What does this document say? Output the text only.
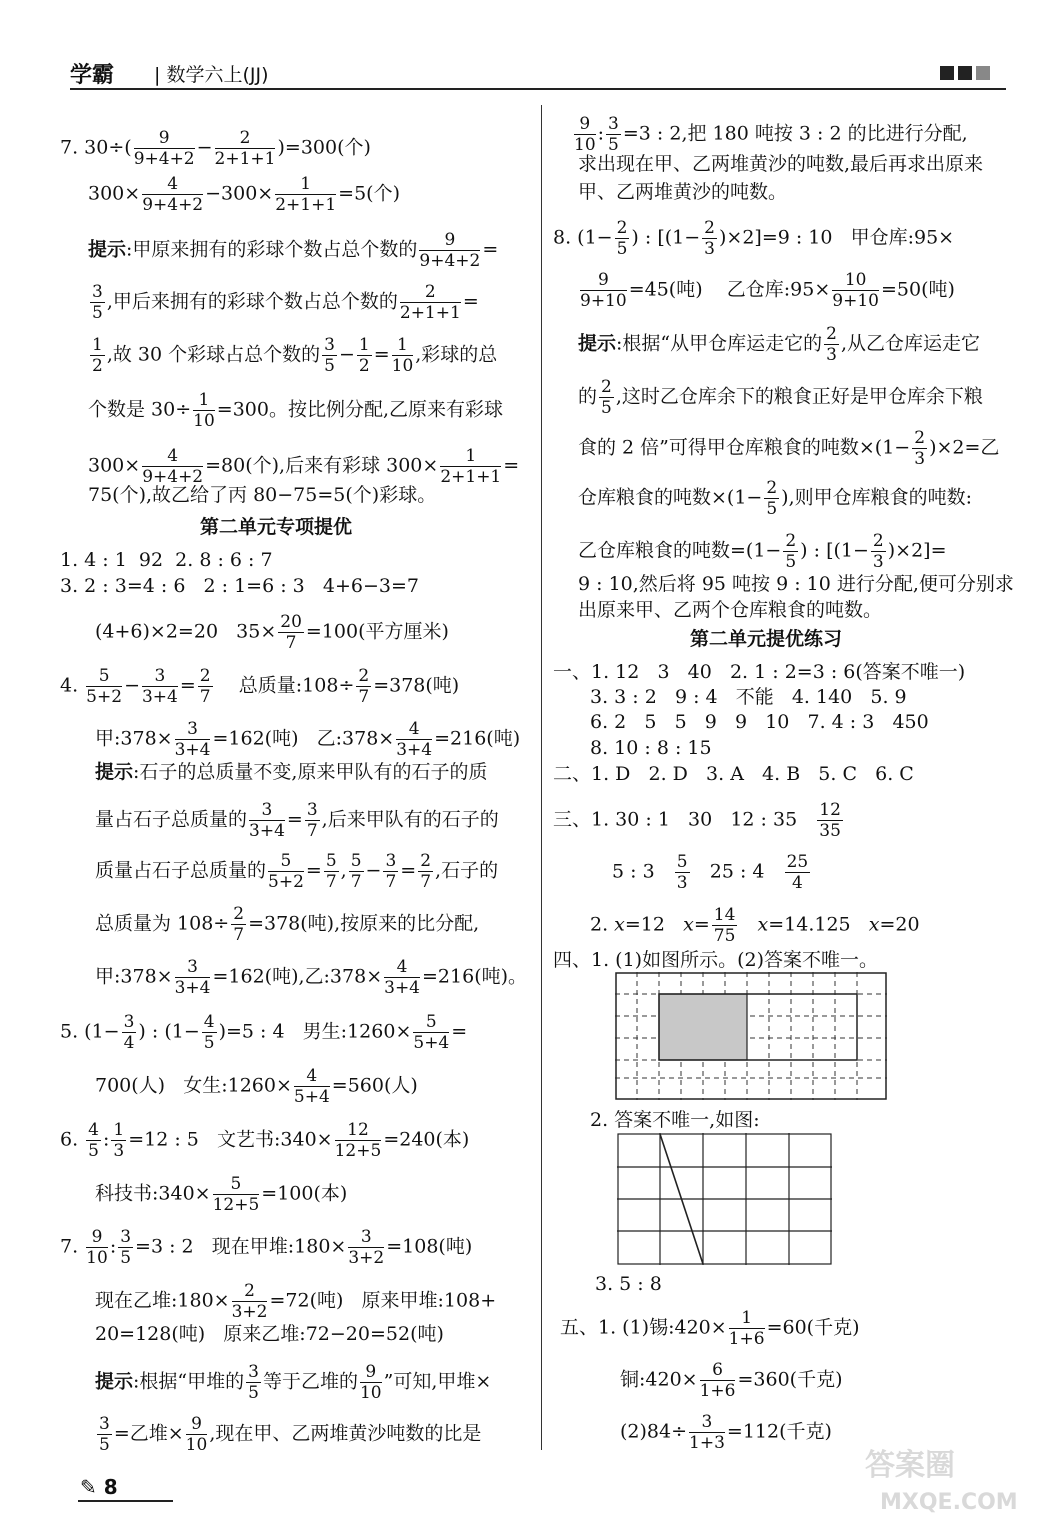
学霸 | 数学六上(JJ)
7. $30\div( \frac{9}{9+4+2} - \frac{2}{2+1+1} )=300$(个)
$300\times \frac{4}{9+4+2} -300\times \frac{1}{2+1+1} =5$(个)
提示:甲原来拥有的彩球个数占总个数的 $\frac{9}{9+4+2}$ =
$\frac{3}{5}$ ,甲后来拥有的彩球个数占总个数的 $\frac{2}{2+1+1}$ =
$\frac{1}{2}$ ,故 30 个彩球占总个数的 $\frac{3}{5} - \frac{1}{2} = \frac{1}{10}$ ,彩球的总
个数是 $30\div \frac{1}{10} =300$。按比例分配,乙原来有彩球
$300\times \frac{4}{9+4+2} =80$(个),后来有彩球 $300\times \frac{1}{2+1+1}$ =
75(个),故乙给了丙 80−75=5(个)彩球。
第二单元专项提优
1. 4 : 1  92  2. 8 : 6 : 7
3. 2 : 3=4 : 6   2 : 1=6 : 3   4+6−3=7
(4+6)×2=20   $35\times \frac{20}{7} =100$(平方厘米)
4. $\frac{5}{5+2} - \frac{3}{3+4} = \frac{2}{7}$ 总质量:108÷ $\frac{2}{7} =378$(吨)
甲:378× $\frac{3}{3+4} =162$(吨)   乙:378× $\frac{4}{3+4} =216$(吨)
提示:石子的总质量不变,原来甲队有的石子的质
量占石子总质量的 $\frac{3}{3+4} = \frac{3}{7}$ ,后来甲队有的石子的
质量占石子总质量的 $\frac{5}{5+2} = \frac{5}{7}$ , $\frac{5}{7} - \frac{3}{7} = \frac{2}{7}$ ,石子的
总质量为 $108\div \frac{2}{7} =378$(吨),按原来的比分配,
甲:378× $\frac{3}{3+4} =162$(吨),乙:378× $\frac{4}{3+4} =216$(吨)。
5. ($1- \frac{3}{4}$ ) : $(1- \frac{4}{5} )=5$ : 4   男生:1260× $\frac{5}{5+4}$ =
700(人)   女生:1260× $\frac{4}{5+4} =560$(人)
6. $\frac{4}{5}$ : $\frac{1}{3} =12$ : 5   文艺书:340× $\frac{12}{12+5} =240$(本)
科技书:340× $\frac{5}{12+5} =100$(本)
7. $\frac{9}{10}$ : $\frac{3}{5} =3$ : 2   现在甲堆:180× $\frac{3}{3+2} =108$(吨)
现在乙堆:180× $\frac{2}{3+2} =72$(吨)   原来甲堆:108+
20=128(吨)   原来乙堆:72−20=52(吨)
提示:根据“甲堆的 $\frac{3}{5}$ 等于乙堆的 $\frac{9}{10}$ ”可知,甲堆×
$\frac{3}{5}$ =乙堆× $\frac{9}{10}$ ,现在甲、乙两堆黄沙吨数的比是
$\frac{9}{10}$ : $\frac{3}{5} =3$ : 2,把 180 吨按 3 : 2 的比进行分配,
求出现在甲、乙两堆黄沙的吨数,最后再求出原来
甲、乙两堆黄沙的吨数。
8. ($1- \frac{2}{5}$ ) : $[(1- \frac{2}{3} )\times 2]=9$ : 10   甲仓库:95×
$\frac{9}{9+10} =45$(吨)    乙仓库:95× $\frac{10}{9+10} =50$(吨)
提示:根据“从甲仓库运走它的 $\frac{2}{3}$ ,从乙仓库运走它
的 $\frac{2}{5}$ ,这时乙仓库余下的粮食正好是甲仓库余下粮
食的 2 倍”可得甲仓库粮食的吨数$\times(1- \frac{2}{3} )\times 2=$乙
仓库粮食的吨数$\times(1- \frac{2}{5}$ ),则甲仓库粮食的吨数:
乙仓库粮食的吨数$=(1- \frac{2}{5}$ ) : $[(1- \frac{2}{3} )\times 2]=$
9 : 10,然后将 95 吨按 9 : 10 进行分配,便可分别求
出原来甲、乙两个仓库粮食的吨数。
第二单元提优练习
一、1. 12   3   40   2. 1 : 2=3 : 6(答案不唯一)
3. 3 : 2   9 : 4   不能   4. 140   5. 9
6. 2   5   5   9   9   10   7. 4 : 3   450
8. 10 : 8 : 15
二、1. D   2. D   3. A   4. B   5. C   6. C
三、1. 30 : 1   30   12 : $35 \frac{12}{35}$
5 : $3 \frac{5}{3} 25$ : $4 \frac{25}{4}$
2. x=12   $x= \frac{14}{75} x=14.125$   x=20
四、1. (1)如图所示。(2)答案不唯一。
2. 答案不唯一,如图:
3. 5 : 8
五、1. (1)锡:420× $\frac{1}{1+6} =60$(千克)
铜:420× $\frac{6}{1+6} =360$(千克)
$(2)84\div \frac{3}{1+3} =112$(千克)
✎ 8
答案圈
MXQE.COM
